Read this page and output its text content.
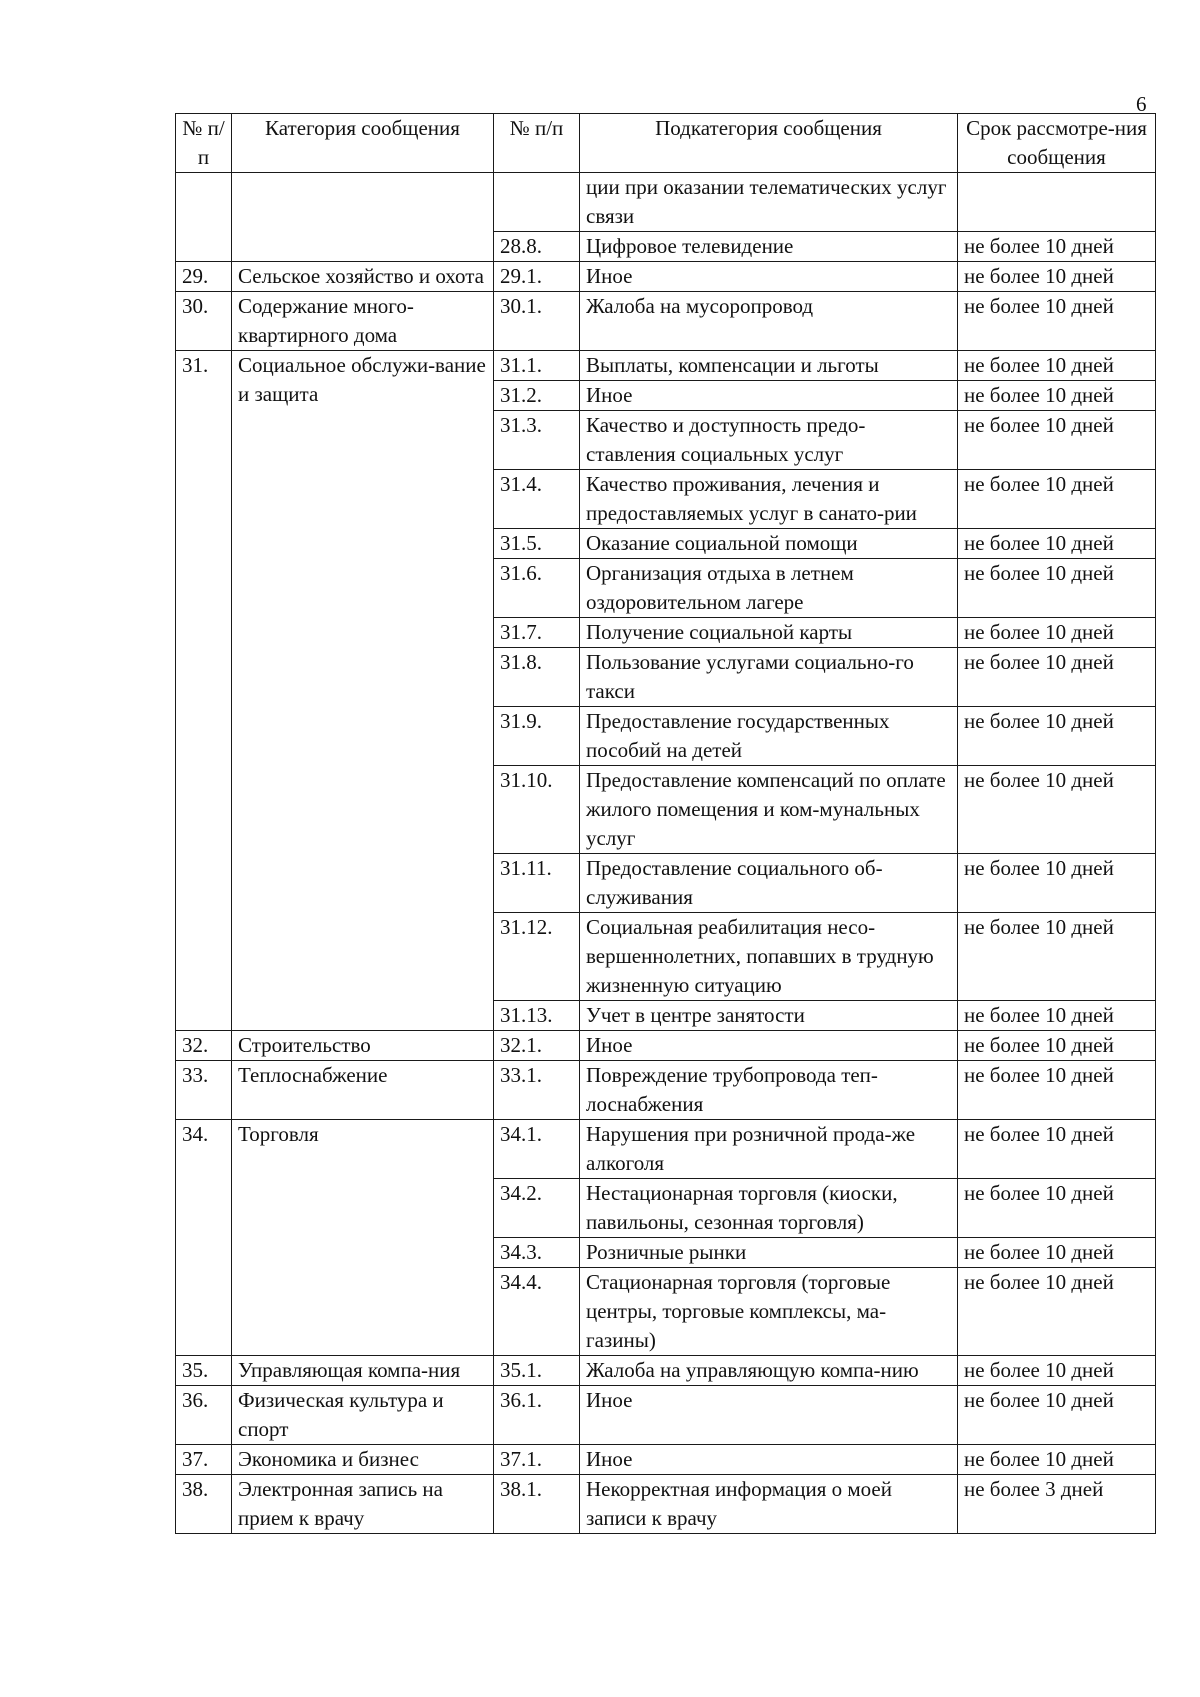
6
№ п/п	Категория сообщения	№ п/п	Подкатегория сообщения	Срок рассмотре-ния сообщения
			ции при оказании телематических услуг связи	
		28.8.	Цифровое телевидение	не более 10 дней
29.	Сельское хозяйство и охота	29.1.	Иное	не более 10 дней
30.	Содержание много-квартирного дома	30.1.	Жалоба на мусоропровод	не более 10 дней
31.	Социальное обслужи-вание и защита	31.1.	Выплаты, компенсации и льготы	не более 10 дней
		31.2.	Иное	не более 10 дней
		31.3.	Качество и доступность предо-ставления социальных услуг	не более 10 дней
		31.4.	Качество проживания, лечения и предоставляемых услуг в санато-рии	не более 10 дней
		31.5.	Оказание социальной помощи	не более 10 дней
		31.6.	Организация отдыха в летнем оздоровительном лагере	не более 10 дней
		31.7.	Получение социальной карты	не более 10 дней
		31.8.	Пользование услугами социально-го такси	не более 10 дней
		31.9.	Предоставление государственных пособий на детей	не более 10 дней
		31.10.	Предоставление компенсаций по оплате жилого помещения и ком-мунальных услуг	не более 10 дней
		31.11.	Предоставление социального об-служивания	не более 10 дней
		31.12.	Социальная реабилитация несо-вершеннолетних, попавших в трудную жизненную ситуацию	не более 10 дней
		31.13.	Учет в центре занятости	не более 10 дней
32.	Строительство	32.1.	Иное	не более 10 дней
33.	Теплоснабжение	33.1.	Повреждение трубопровода теп-лоснабжения	не более 10 дней
34.	Торговля	34.1.	Нарушения при розничной прода-же алкоголя	не более 10 дней
		34.2.	Нестационарная торговля (киоски, павильоны, сезонная торговля)	не более 10 дней
		34.3.	Розничные рынки	не более 10 дней
		34.4.	Стационарная торговля (торговые центры, торговые комплексы, ма-газины)	не более 10 дней
35.	Управляющая компа-ния	35.1.	Жалоба на управляющую компа-нию	не более 10 дней
36.	Физическая культура и спорт	36.1.	Иное	не более 10 дней
37.	Экономика и бизнес	37.1.	Иное	не более 10 дней
38.	Электронная запись на прием к врачу	38.1.	Некорректная информация о моей записи к врачу	не более 3 дней
